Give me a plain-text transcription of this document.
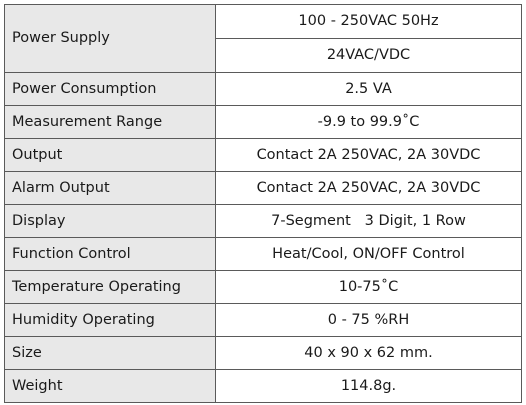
Power Supply	100 - 250VAC 50Hz
	24VAC/VDC
Power Consumption	2.5 VA
Measurement Range	-9.9 to 99.9˚C
Output	Contact 2A 250VAC, 2A 30VDC
Alarm Output	Contact 2A 250VAC, 2A 30VDC
Display	7-Segment   3 Digit, 1 Row
Function Control	Heat/Cool, ON/OFF Control
Temperature Operating	10-75˚C
Humidity Operating	0 - 75 %RH
Size	40 x 90 x 62 mm.
Weight	114.8g.
